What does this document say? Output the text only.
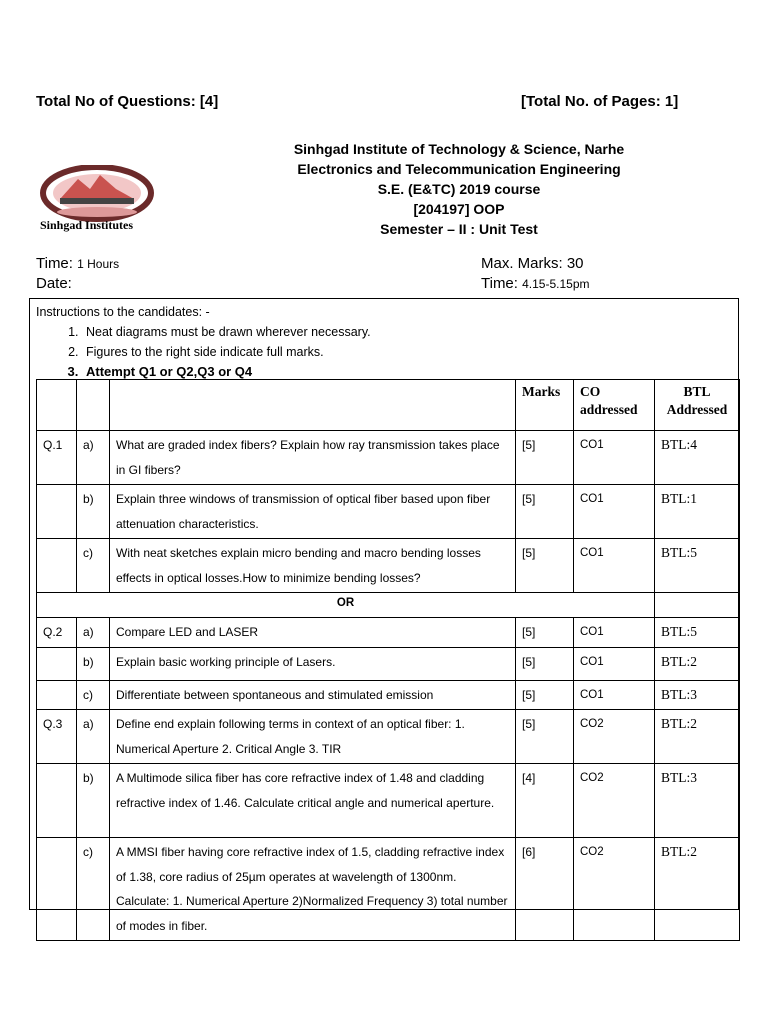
Total No of Questions: [4]	[Total No. of Pages: 1]
Sinhgad Institute of Technology & Science, Narhe
Electronics and Telecommunication Engineering
S.E. (E&TC) 2019 course
[204197] OOP
Semester – II : Unit Test
Sinhgad Institutes
Time: 1 Hours
Date:
Max. Marks: 30
Time: 4.15-5.15pm
Instructions to the candidates: -
1. Neat diagrams must be drawn wherever necessary.
2. Figures to the right side indicate full marks.
3. Attempt Q1 or Q2,Q3 or Q4
			Marks	CO addressed	BTL Addressed
Q.1	a)	What are graded index fibers? Explain how ray transmission takes place in GI fibers?	[5]	CO1	BTL:4
	b)	Explain three windows of transmission of optical fiber based upon fiber attenuation characteristics.	[5]	CO1	BTL:1
	c)	With neat sketches explain micro bending and macro bending losses effects in optical losses.How to minimize bending losses?	[5]	CO1	BTL:5
OR					
Q.2	a)	Compare LED and LASER	[5]	CO1	BTL:5
	b)	Explain basic working principle of Lasers.	[5]	CO1	BTL:2
	c)	Differentiate between spontaneous and stimulated emission	[5]	CO1	BTL:3
Q.3	a)	Define end explain following terms in context of an optical fiber: 1. Numerical Aperture 2. Critical Angle 3. TIR	[5]	CO2	BTL:2
	b)	A Multimode silica fiber has core refractive index of 1.48 and cladding refractive index of 1.46. Calculate critical angle and numerical aperture.	[4]	CO2	BTL:3
	c)	A MMSI fiber having core refractive index of 1.5, cladding refractive index of 1.38, core radius of 25µm operates at wavelength of 1300nm. Calculate: 1. Numerical Aperture 2)Normalized Frequency 3) total number of modes in fiber.	[6]	CO2	BTL:2
